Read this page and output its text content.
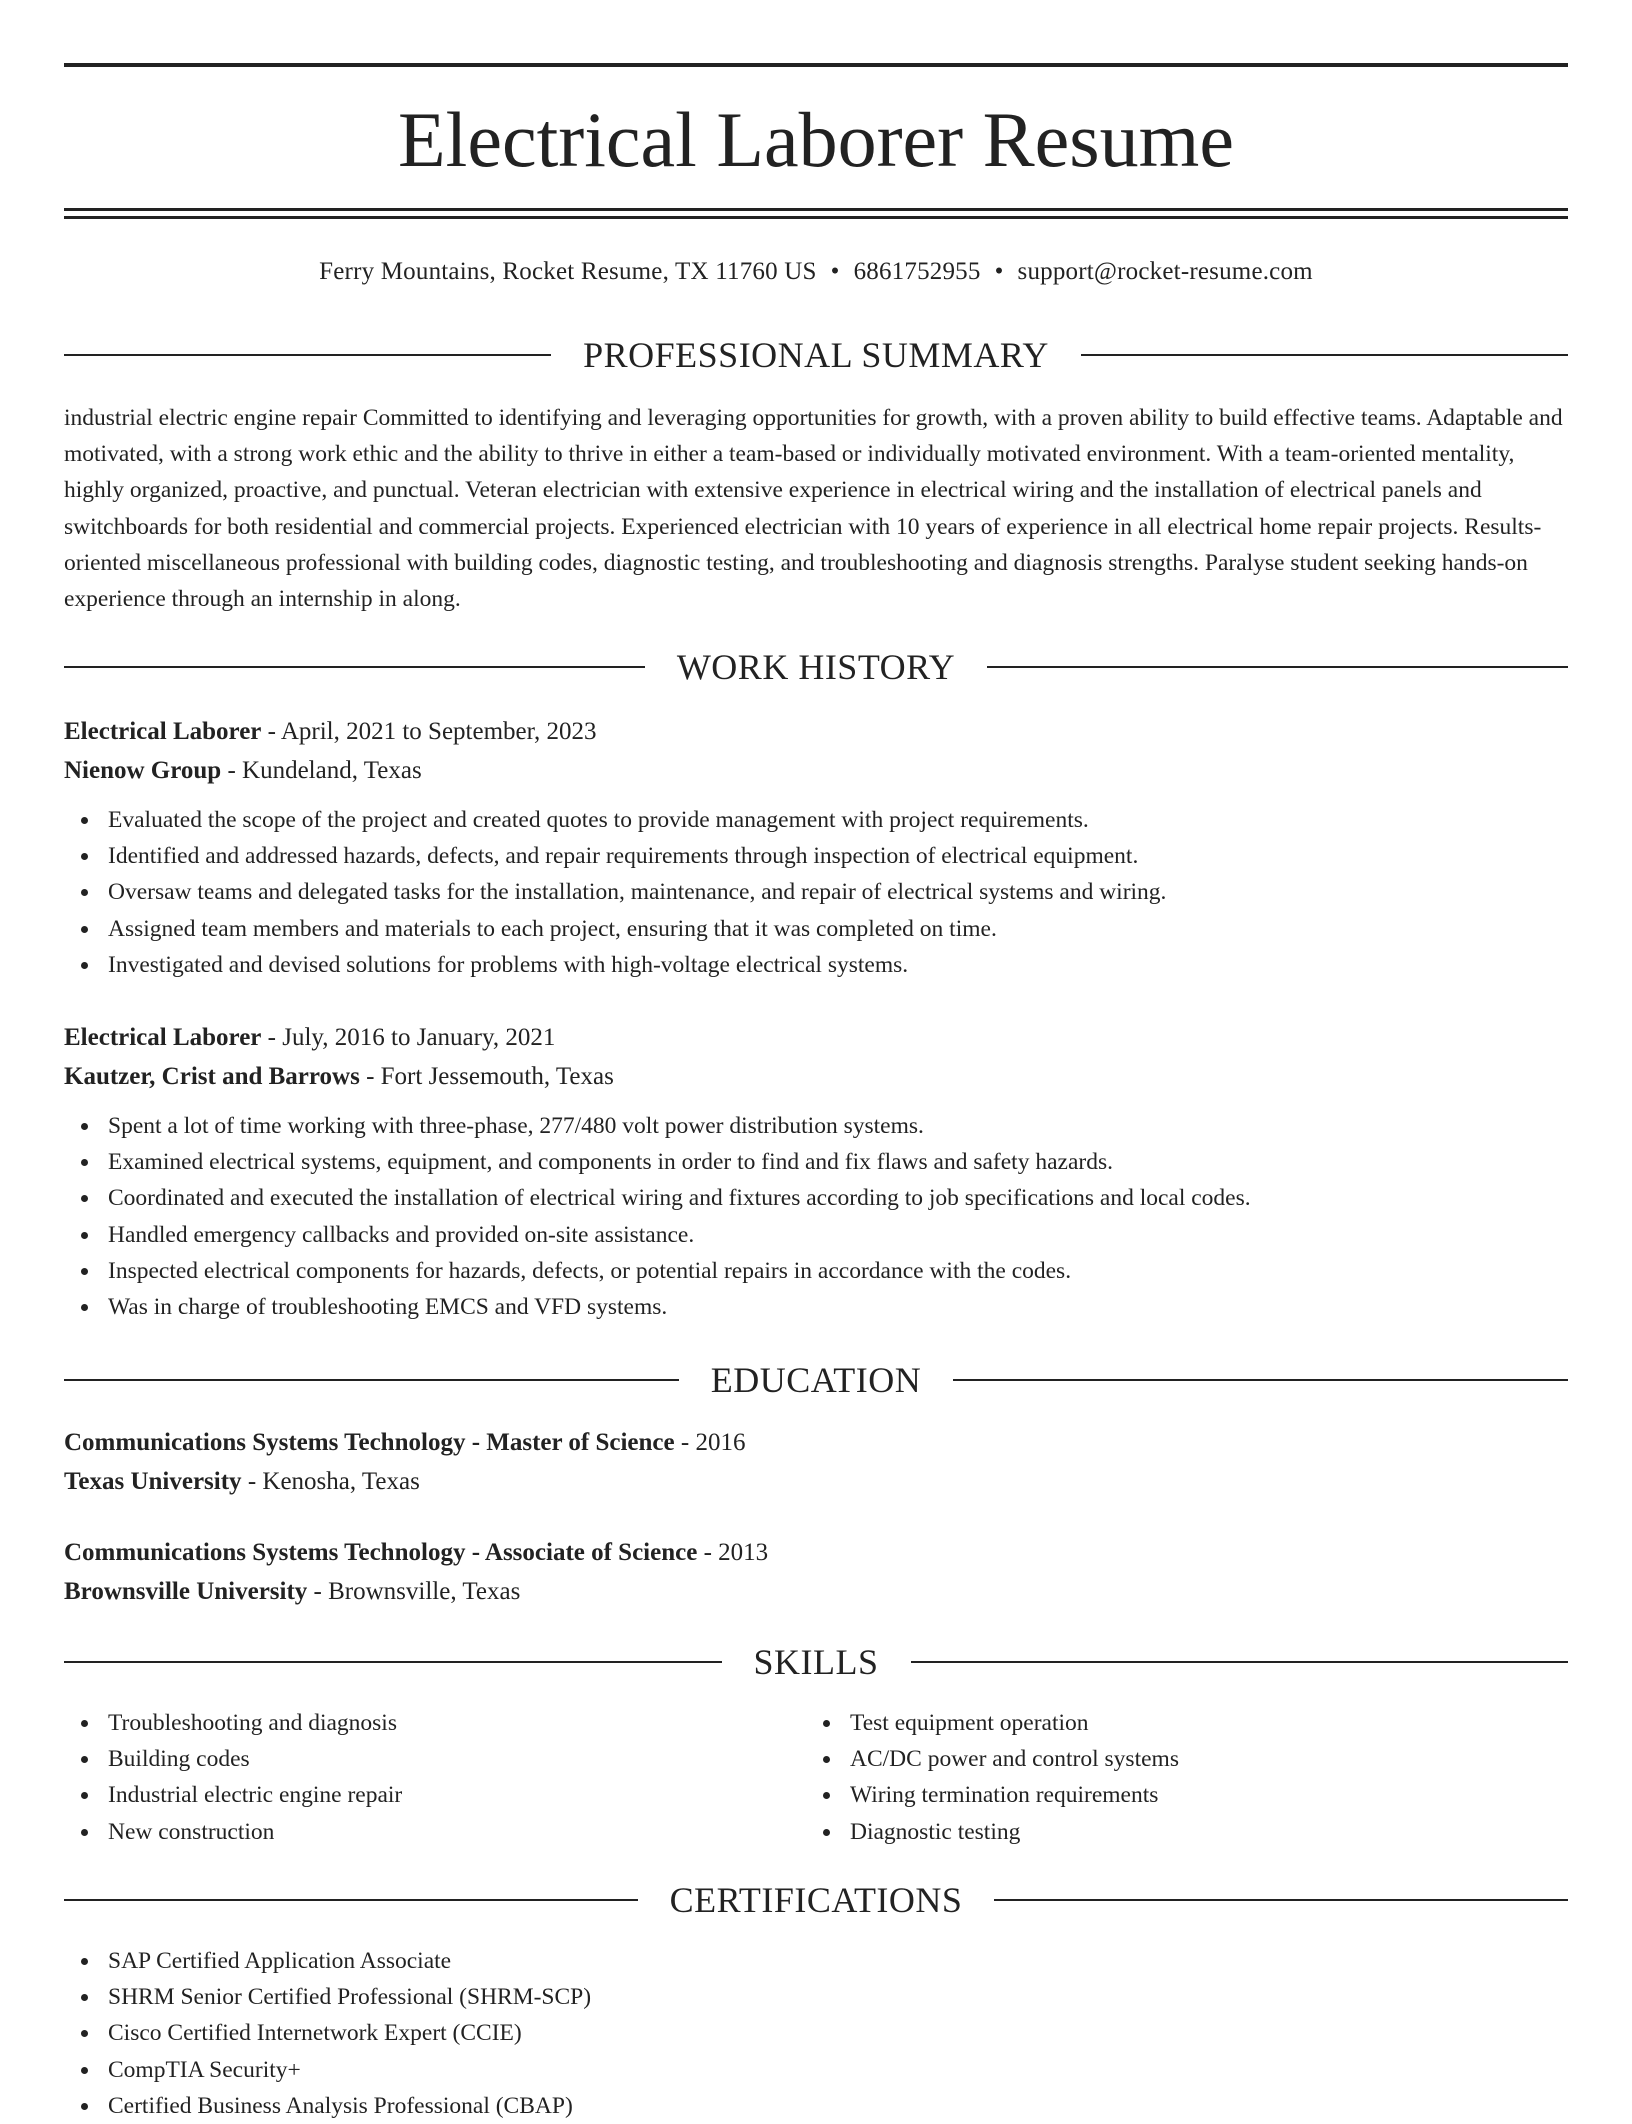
Electrical Laborer Resume
Ferry Mountains, Rocket Resume, TX 11760 US • 6861752955 • support@rocket-resume.com
PROFESSIONAL SUMMARY
industrial electric engine repair Committed to identifying and leveraging opportunities for growth, with a proven ability to build effective teams. Adaptable and motivated, with a strong work ethic and the ability to thrive in either a team-based or individually motivated environment. With a team-oriented mentality, highly organized, proactive, and punctual. Veteran electrician with extensive experience in electrical wiring and the installation of electrical panels and switchboards for both residential and commercial projects. Experienced electrician with 10 years of experience in all electrical home repair projects. Results-oriented miscellaneous professional with building codes, diagnostic testing, and troubleshooting and diagnosis strengths. Paralyse student seeking hands-on experience through an internship in along.
WORK HISTORY
Electrical Laborer - April, 2021 to September, 2023
Nienow Group - Kundeland, Texas
Evaluated the scope of the project and created quotes to provide management with project requirements.
Identified and addressed hazards, defects, and repair requirements through inspection of electrical equipment.
Oversaw teams and delegated tasks for the installation, maintenance, and repair of electrical systems and wiring.
Assigned team members and materials to each project, ensuring that it was completed on time.
Investigated and devised solutions for problems with high-voltage electrical systems.
Electrical Laborer - July, 2016 to January, 2021
Kautzer, Crist and Barrows - Fort Jessemouth, Texas
Spent a lot of time working with three-phase, 277/480 volt power distribution systems.
Examined electrical systems, equipment, and components in order to find and fix flaws and safety hazards.
Coordinated and executed the installation of electrical wiring and fixtures according to job specifications and local codes.
Handled emergency callbacks and provided on-site assistance.
Inspected electrical components for hazards, defects, or potential repairs in accordance with the codes.
Was in charge of troubleshooting EMCS and VFD systems.
EDUCATION
Communications Systems Technology - Master of Science - 2016
Texas University - Kenosha, Texas
Communications Systems Technology - Associate of Science - 2013
Brownsville University - Brownsville, Texas
SKILLS
Troubleshooting and diagnosis
Building codes
Industrial electric engine repair
New construction
Test equipment operation
AC/DC power and control systems
Wiring termination requirements
Diagnostic testing
CERTIFICATIONS
SAP Certified Application Associate
SHRM Senior Certified Professional (SHRM-SCP)
Cisco Certified Internetwork Expert (CCIE)
CompTIA Security+
Certified Business Analysis Professional (CBAP)
